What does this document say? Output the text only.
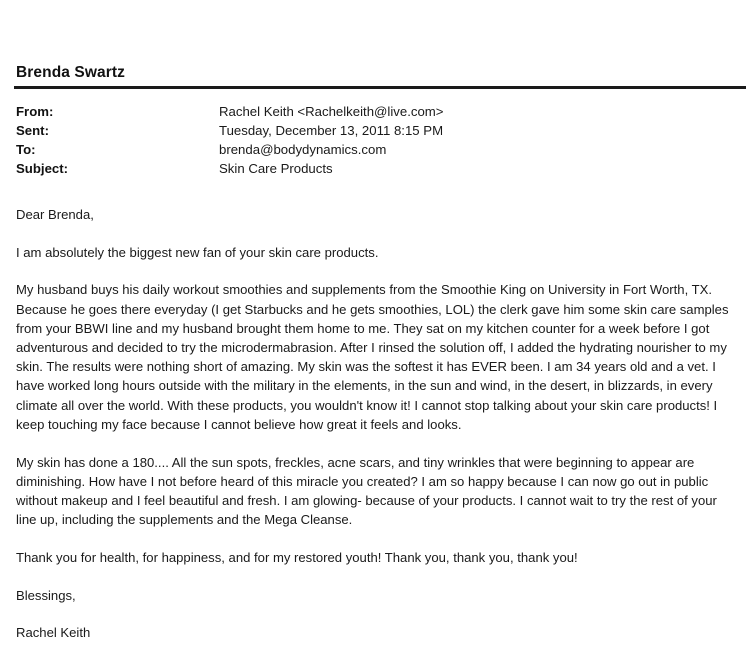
Brenda Swartz
From:	Rachel Keith <Rachelkeith@live.com>
Sent:	Tuesday, December 13, 2011 8:15 PM
To:	brenda@bodydynamics.com
Subject:	Skin Care Products

Dear Brenda,

I am absolutely the biggest new fan of your skin care products.

My husband buys his daily workout smoothies and supplements from the Smoothie King on University in Fort Worth, TX. Because he goes there everyday (I get Starbucks and he gets smoothies, LOL) the clerk gave him some skin care samples from your BBWI line and my husband brought them home to me. They sat on my kitchen counter for a week before I got adventurous and decided to try the microdermabrasion. After I rinsed the solution off, I added the hydrating nourisher to my skin. The results were nothing short of amazing. My skin was the softest it has EVER been. I am 34 years old and a vet. I have worked long hours outside with the military in the elements, in the sun and wind, in the desert, in blizzards, in every climate all over the world. With these products, you wouldn't know it! I cannot stop talking about your skin care products! I keep touching my face because I cannot believe how great it feels and looks.

My skin has done a 180.... All the sun spots, freckles, acne scars, and tiny wrinkles that were beginning to appear are diminishing. How have I not before heard of this miracle you created? I am so happy because I can now go out in public without makeup and I feel beautiful and fresh. I am glowing- because of your products. I cannot wait to try the rest of your line up, including the supplements and the Mega Cleanse.

Thank you for health, for happiness, and for my restored youth! Thank you, thank you, thank you!

Blessings,

Rachel Keith
